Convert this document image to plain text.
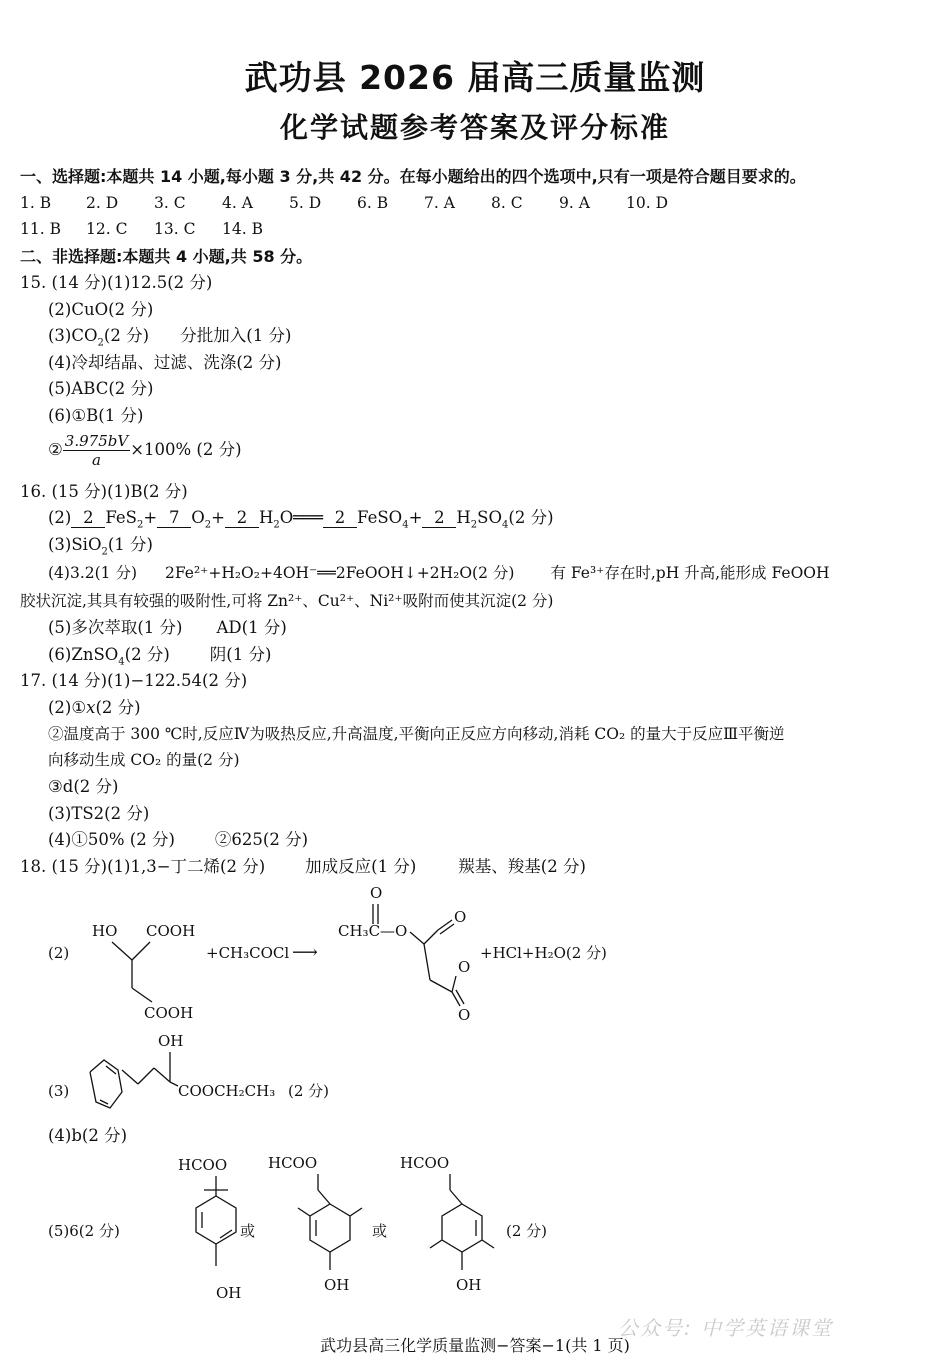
武功县 2026 届高三质量监测
化学试题参考答案及评分标准
一、选择题:本题共 14 小题,每小题 3 分,共 42 分。在每小题给出的四个选项中,只有一项是符合题目要求的。
1. B 2. D 3. C 4. A 5. D 6. B 7. A 8. C 9. A 10. D
11. B 12. C 13. C 14. B
二、非选择题:本题共 4 小题,共 58 分。
15. (14 分)(1)12.5(2 分)
(2)CuO(2 分)
$(3)CO_2(2$ 分) 分批加入(1 分)
(4)冷却结晶、过滤、洗涤(2 分)
(5)ABC(2 分)
(6)①B(1 分)
② $\frac{3.975bV}{a} \times 100\%$ (2 分)
16. (15 分)(1)B(2 分)
(2) 2 FeS$_2$+ 7 $O_2+ 2$ $H_2O═══$ 2 FeSO$_4$+ 2 $H_2SO_4(2$ 分)
(3)SiO$_2$(1 分)
(4)3.2(1 分) 2Fe²⁺+H₂O₂+4OH⁻══2FeOOH↓+2H₂O(2 分) 有 Fe³⁺存在时,pH 升高,能形成 FeOOH
胶状沉淀,其具有较强的吸附性,可将 Zn²⁺、Cu²⁺、Ni²⁺吸附而使其沉淀(2 分)
(5)多次萃取(1 分) AD(1 分)
(6)ZnSO$_4$(2 分) 阴(1 分)
17. (14 分)(1)−122.54(2 分)
(2)①x(2 分)
②温度高于 300 ℃时,反应Ⅳ为吸热反应,升高温度,平衡向正反应方向移动,消耗 CO₂ 的量大于反应Ⅲ平衡逆
向移动生成 CO₂ 的量(2 分)
③d(2 分)
(3)TS2(2 分)
(4)①50% (2 分) ②625(2 分)
18. (15 分)(1)1,3−丁二烯(2 分) 加成反应(1 分)	羰基、羧基(2 分)
(2)
HO COOH
COOH
+CH₃COCl ⟶
O
CH₃C —O
O
O
O
+HCl+H₂O(2 分)
(3)
OH
COOCH₂CH₃ (2 分)
(4)b(2 分)
(5)6(2 分)
HCOO
OH
或
HCOO
OH
或
HCOO
OH
(2 分)
公众号: 中学英语课堂
武功县高三化学质量监测−答案−1(共 1 页)
